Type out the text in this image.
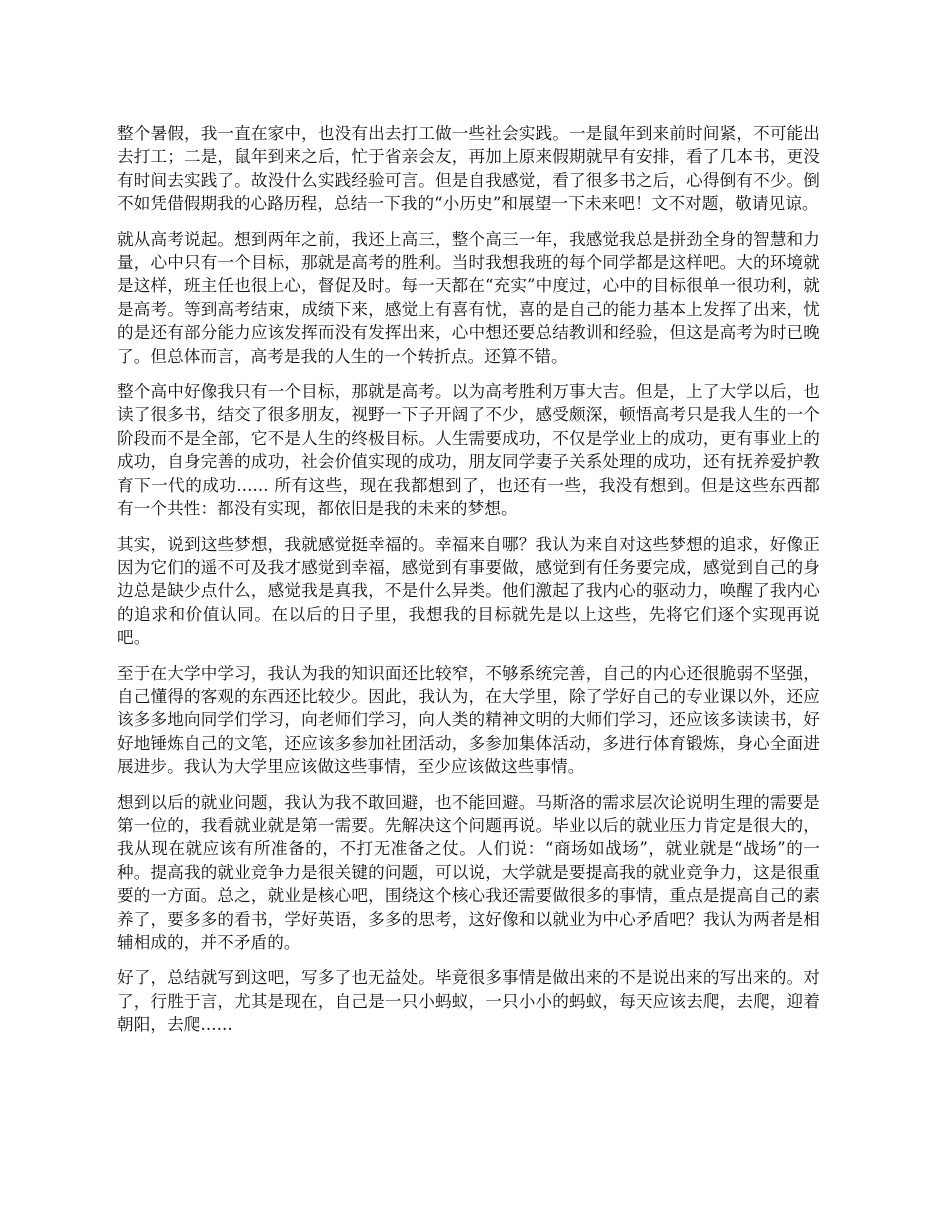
整个暑假，我一直在家中，也没有出去打工做一些社会实践。一是鼠年到来前时间紧，不可能出去打工；二是，鼠年到来之后，忙于省亲会友，再加上原来假期就早有安排，看了几本书，更没有时间去实践了。故没什么实践经验可言。但是自我感觉，看了很多书之后，心得倒有不少。倒不如凭借假期我的心路历程，总结一下我的“小历史”和展望一下未来吧！文不对题，敬请见谅。

就从高考说起。想到两年之前，我还上高三，整个高三一年，我感觉我总是拼劲全身的智慧和力量，心中只有一个目标，那就是高考的胜利。当时我想我班的每个同学都是这样吧。大的环境就是这样，班主任也很上心，督促及时。每一天都在“充实”中度过，心中的目标很单一很功利，就是高考。等到高考结束，成绩下来，感觉上有喜有忧，喜的是自己的能力基本上发挥了出来，忧的是还有部分能力应该发挥而没有发挥出来，心中想还要总结教训和经验，但这是高考为时已晚了。但总体而言，高考是我的人生的一个转折点。还算不错。

整个高中好像我只有一个目标，那就是高考。以为高考胜利万事大吉。但是，上了大学以后，也读了很多书，结交了很多朋友，视野一下子开阔了不少，感受颇深，顿悟高考只是我人生的一个阶段而不是全部，它不是人生的终极目标。人生需要成功，不仅是学业上的成功，更有事业上的成功，自身完善的成功，社会价值实现的成功，朋友同学妻子关系处理的成功，还有抚养爱护教育下一代的成功...... 所有这些，现在我都想到了，也还有一些，我没有想到。但是这些东西都有一个共性：都没有实现，都依旧是我的未来的梦想。

其实，说到这些梦想，我就感觉挺幸福的。幸福来自哪？我认为来自对这些梦想的追求，好像正因为它们的遥不可及我才感觉到幸福，感觉到有事要做，感觉到有任务要完成，感觉到自己的身边总是缺少点什么，感觉我是真我，不是什么异类。他们激起了我内心的驱动力，唤醒了我内心的追求和价值认同。在以后的日子里，我想我的目标就先是以上这些，先将它们逐个实现再说吧。

至于在大学中学习，我认为我的知识面还比较窄，不够系统完善，自己的内心还很脆弱不坚强，自己懂得的客观的东西还比较少。因此，我认为，在大学里，除了学好自己的专业课以外，还应该多多地向同学们学习，向老师们学习，向人类的精神文明的大师们学习，还应该多读读书，好好地锤炼自己的文笔，还应该多参加社团活动，多参加集体活动，多进行体育锻炼，身心全面进展进步。我认为大学里应该做这些事情，至少应该做这些事情。

想到以后的就业问题，我认为我不敢回避，也不能回避。马斯洛的需求层次论说明生理的需要是第一位的，我看就业就是第一需要。先解决这个问题再说。毕业以后的就业压力肯定是很大的，我从现在就应该有所准备的，不打无准备之仗。人们说：“商场如战场”，就业就是“战场”的一种。提高我的就业竞争力是很关键的问题，可以说，大学就是要提高我的就业竞争力，这是很重要的一方面。总之，就业是核心吧，围绕这个核心我还需要做很多的事情，重点是提高自己的素养了，要多多的看书，学好英语，多多的思考，这好像和以就业为中心矛盾吧？我认为两者是相辅相成的，并不矛盾的。

好了，总结就写到这吧，写多了也无益处。毕竟很多事情是做出来的不是说出来的写出来的。对了，行胜于言，尤其是现在，自己是一只小蚂蚁，一只小小的蚂蚁，每天应该去爬，去爬，迎着朝阳，去爬......
